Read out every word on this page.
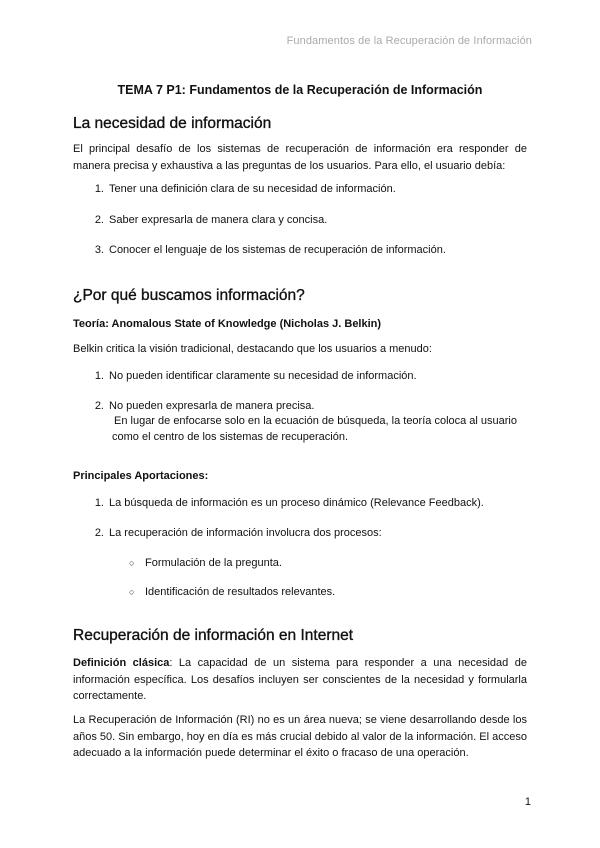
Fundamentos de la Recuperación de Información
TEMA 7 P1: Fundamentos de la Recuperación de Información
La necesidad de información

El principal desafío de los sistemas de recuperación de información era responder de manera precisa y exhaustiva a las preguntas de los usuarios. Para ello, el usuario debía:

1. Tener una definición clara de su necesidad de información.
2. Saber expresarla de manera clara y concisa.
3. Conocer el lenguaje de los sistemas de recuperación de información.
¿Por qué buscamos información?

Teoría: Anomalous State of Knowledge (Nicholas J. Belkin)

Belkin critica la visión tradicional, destacando que los usuarios a menudo:

1. No pueden identificar claramente su necesidad de información.
2. No pueden expresarla de manera precisa.
En lugar de enfocarse solo en la ecuación de búsqueda, la teoría coloca al usuario como el centro de los sistemas de recuperación.

Principales Aportaciones:

1. La búsqueda de información es un proceso dinámico (Relevance Feedback).
2. La recuperación de información involucra dos procesos:
○ Formulación de la pregunta.
○ Identificación de resultados relevantes.
Recuperación de información en Internet

Definición clásica: La capacidad de un sistema para responder a una necesidad de información específica. Los desafíos incluyen ser conscientes de la necesidad y formularla correctamente.

La Recuperación de Información (RI) no es un área nueva; se viene desarrollando desde los años 50. Sin embargo, hoy en día es más crucial debido al valor de la información. El acceso adecuado a la información puede determinar el éxito o fracaso de una operación.

1
